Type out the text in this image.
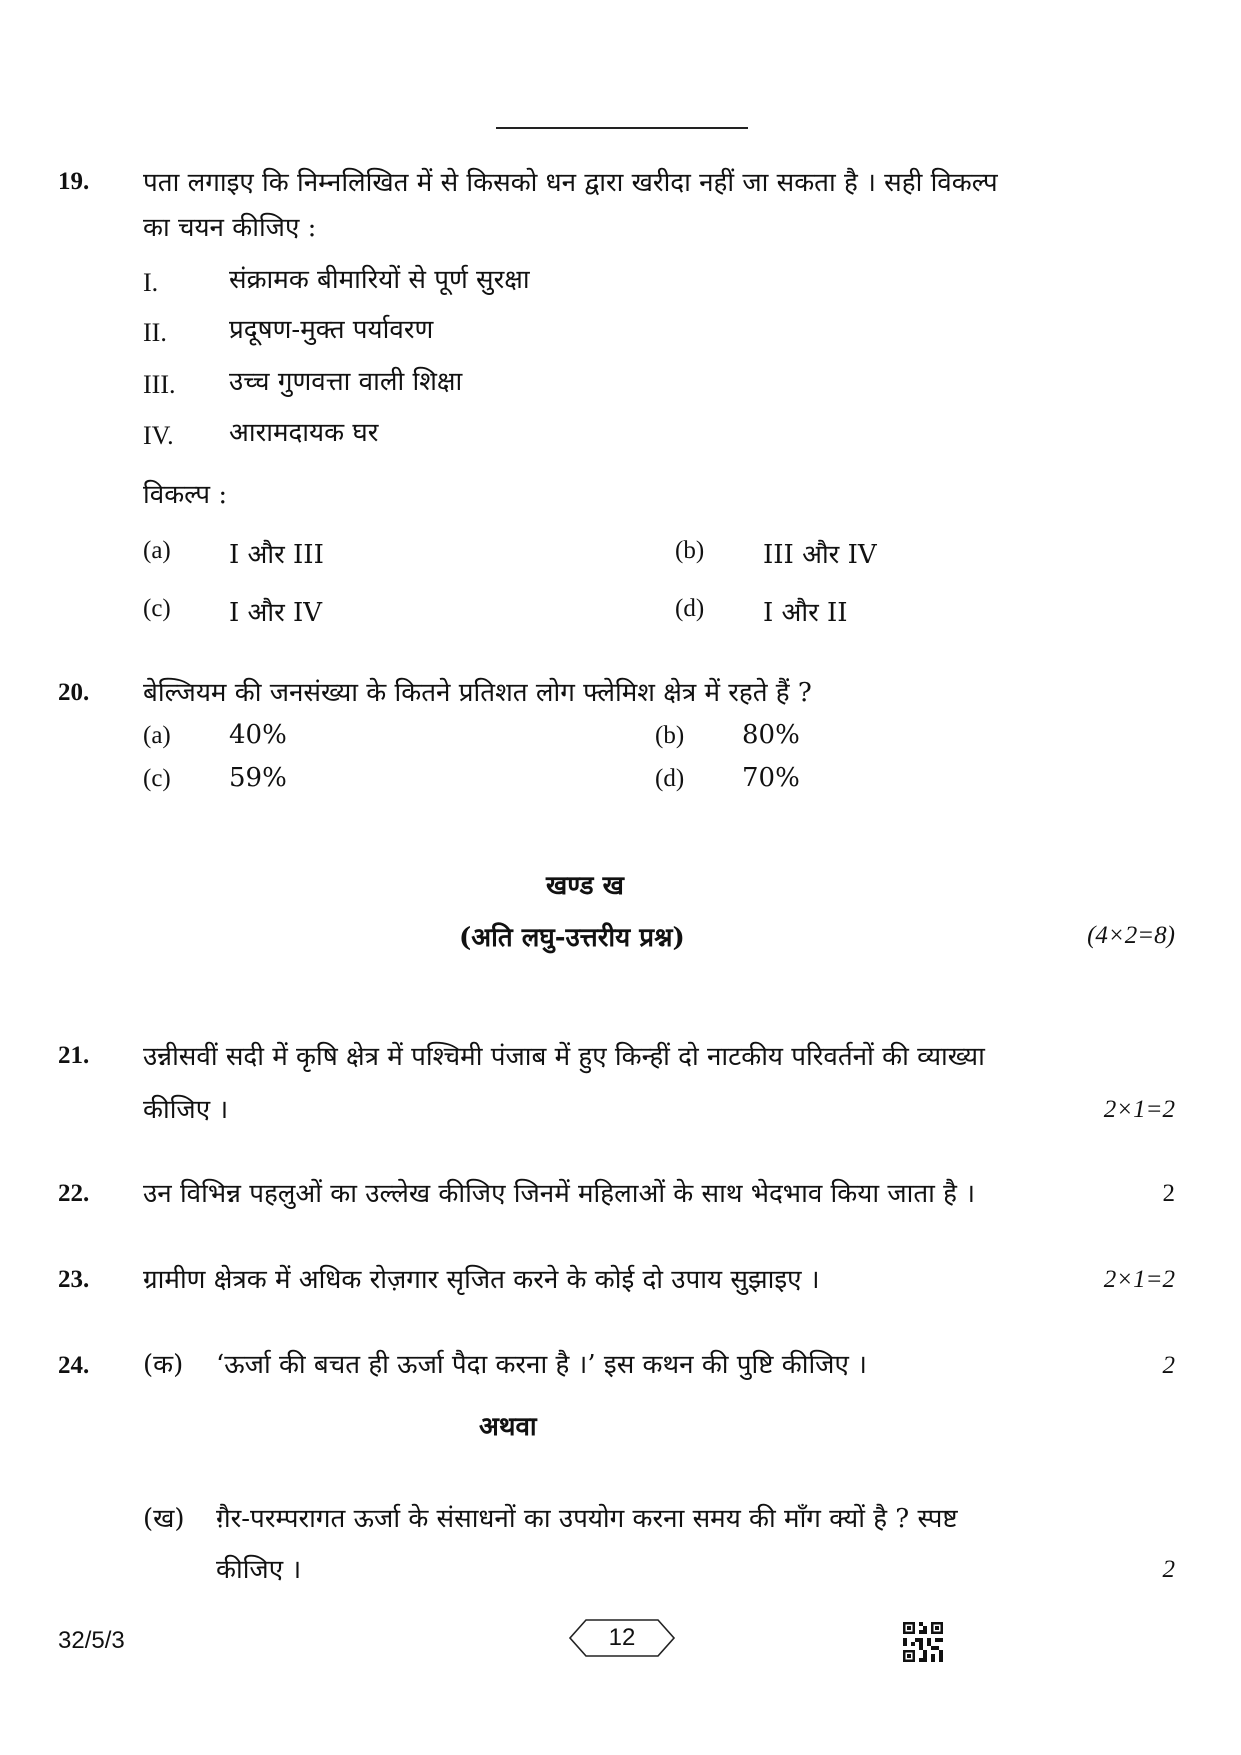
19. पता लगाइए कि निम्नलिखित में से किसको धन द्वारा खरीदा नहीं जा सकता है । सही विकल्प
का चयन कीजिए :
I.	संक्रामक बीमारियों से पूर्ण सुरक्षा
II. प्रदूषण-मुक्त पर्यावरण
III. उच्च गुणवत्ता वाली शिक्षा
IV. आरामदायक घर
विकल्प :
(a) I और III	(b) III और IV
(c) I और IV	(d) I और II
20. बेल्जियम की जनसंख्या के कितने प्रतिशत लोग फ्लेमिश क्षेत्र में रहते हैं ?
(a) 40%	(b) 80%
(c) 59%	(d) 70%
खण्ड ख
(अति लघु-उत्तरीय प्रश्न)	(4×2=8)
21. उन्नीसवीं सदी में कृषि क्षेत्र में पश्चिमी पंजाब में हुए किन्हीं दो नाटकीय परिवर्तनों की व्याख्या
कीजिए ।	2×1=2
22. उन विभिन्न पहलुओं का उल्लेख कीजिए जिनमें महिलाओं के साथ भेदभाव किया जाता है ।	2
23. ग्रामीण क्षेत्रक में अधिक रोज़गार सृजित करने के कोई दो उपाय सुझाइए ।	2×1=2
24. (क) ‘ऊर्जा की बचत ही ऊर्जा पैदा करना है ।’ इस कथन की पुष्टि कीजिए ।	2
अथवा
(ख) ग़ैर-परम्परागत ऊर्जा के संसाधनों का उपयोग करना समय की माँग क्यों है ? स्पष्ट
कीजिए ।	2
32/5/3	12
